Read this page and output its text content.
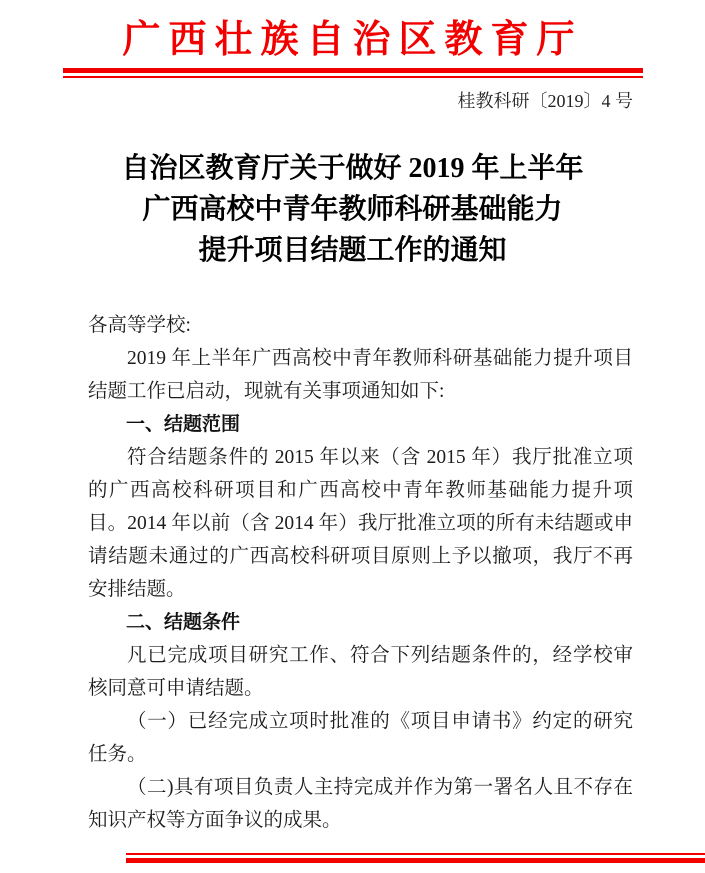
广西壮族自治区教育厅
桂教科研〔2019〕4 号
自治区教育厅关于做好 2019 年上半年
广西高校中青年教师科研基础能力
提升项目结题工作的通知

各高等学校:

2019 年上半年广西高校中青年教师科研基础能力提升项目结题工作已启动，现就有关事项通知如下:

一、结题范围

符合结题条件的 2015 年以来（含 2015 年）我厅批准立项的广西高校科研项目和广西高校中青年教师基础能力提升项目。2014 年以前（含 2014 年）我厅批准立项的所有未结题或申请结题未通过的广西高校科研项目原则上予以撤项，我厅不再安排结题。

二、结题条件

凡已完成项目研究工作、符合下列结题条件的，经学校审核同意可申请结题。

（一）已经完成立项时批准的《项目申请书》约定的研究任务。

（二)具有项目负责人主持完成并作为第一署名人且不存在知识产权等方面争议的成果。
